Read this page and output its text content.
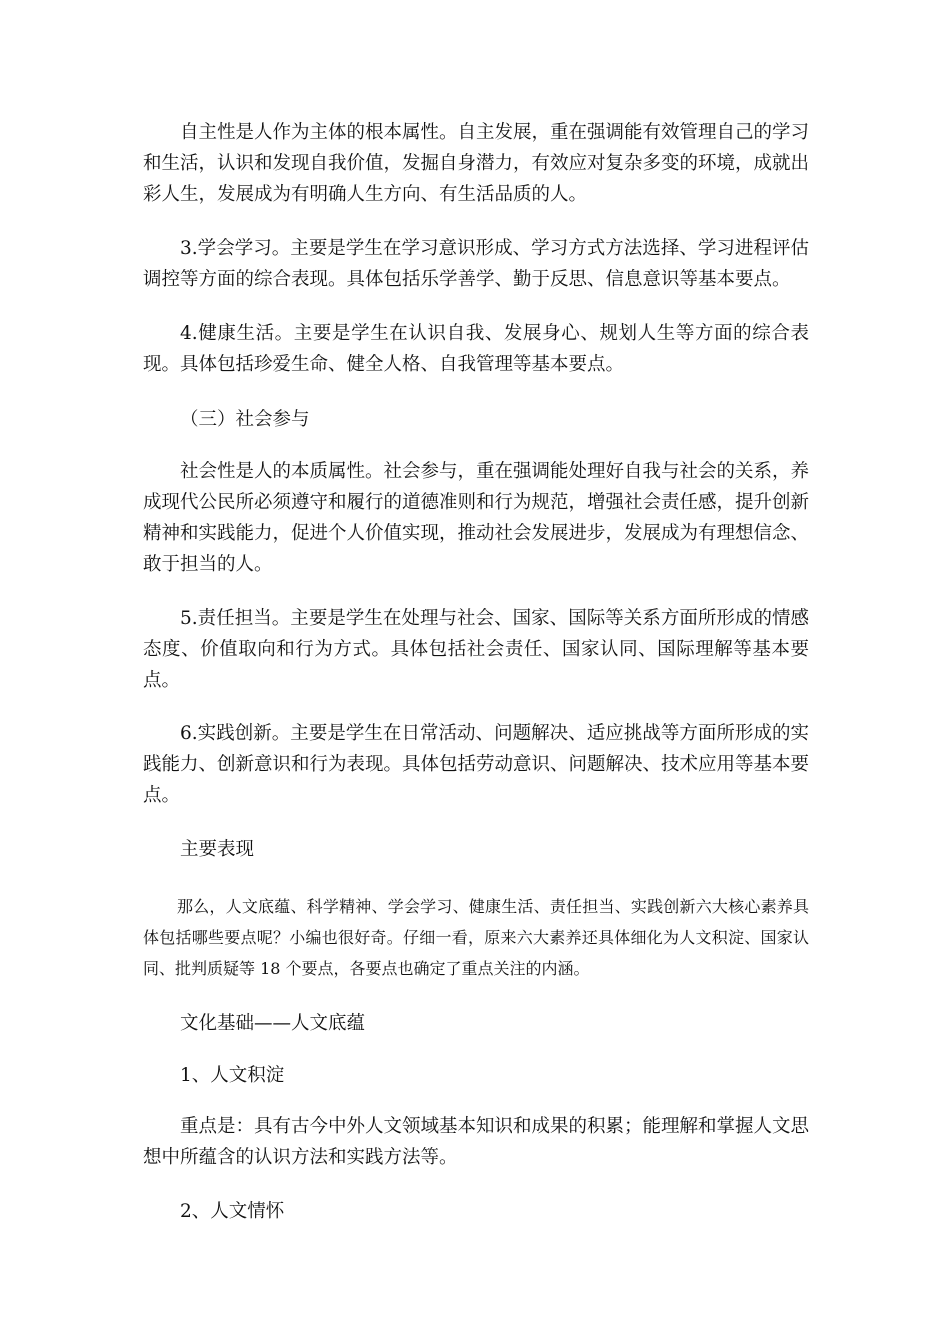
自主性是人作为主体的根本属性。自主发展，重在强调能有效管理自己的学习和生活，认识和发现自我价值，发掘自身潜力，有效应对复杂多变的环境，成就出彩人生，发展成为有明确人生方向、有生活品质的人。

3.学会学习。主要是学生在学习意识形成、学习方式方法选择、学习进程评估调控等方面的综合表现。具体包括乐学善学、勤于反思、信息意识等基本要点。

4.健康生活。主要是学生在认识自我、发展身心、规划人生等方面的综合表现。具体包括珍爱生命、健全人格、自我管理等基本要点。

（三）社会参与

社会性是人的本质属性。社会参与，重在强调能处理好自我与社会的关系，养成现代公民所必须遵守和履行的道德准则和行为规范，增强社会责任感，提升创新精神和实践能力，促进个人价值实现，推动社会发展进步，发展成为有理想信念、敢于担当的人。

5.责任担当。主要是学生在处理与社会、国家、国际等关系方面所形成的情感态度、价值取向和行为方式。具体包括社会责任、国家认同、国际理解等基本要点。

6.实践创新。主要是学生在日常活动、问题解决、适应挑战等方面所形成的实践能力、创新意识和行为表现。具体包括劳动意识、问题解决、技术应用等基本要点。

主要表现

那么，人文底蕴、科学精神、学会学习、健康生活、责任担当、实践创新六大核心素养具体包括哪些要点呢？小编也很好奇。仔细一看，原来六大素养还具体细化为人文积淀、国家认同、批判质疑等 18 个要点，各要点也确定了重点关注的内涵。

文化基础——人文底蕴

1、人文积淀

重点是：具有古今中外人文领域基本知识和成果的积累；能理解和掌握人文思想中所蕴含的认识方法和实践方法等。

2、人文情怀
